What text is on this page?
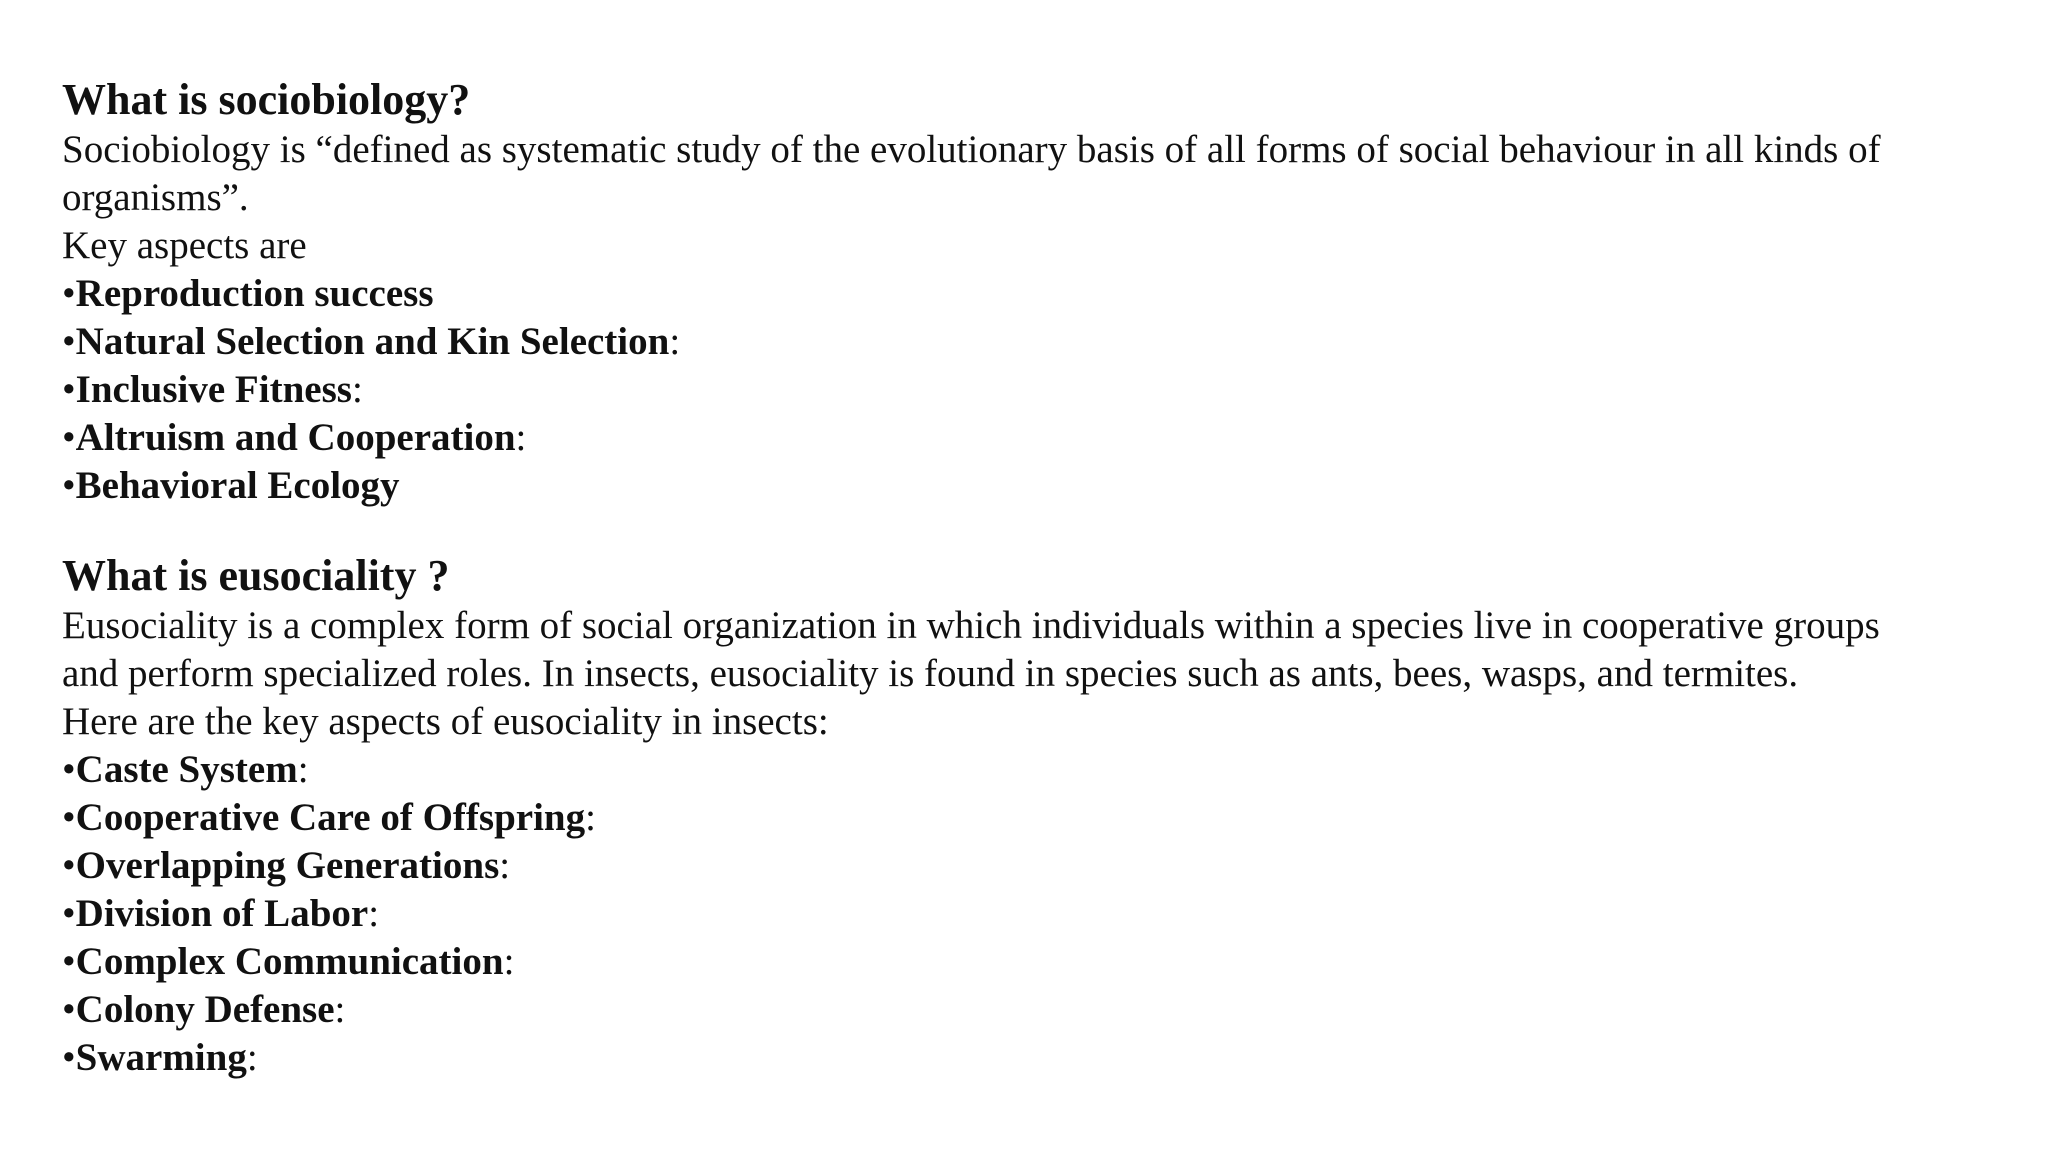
What is sociobiology?

Sociobiology is “defined as systematic study of the evolutionary basis of all forms of social behaviour in all kinds of

organisms”.

Key aspects are

•Reproduction success
•Natural Selection and Kin Selection:
•Inclusive Fitness:
•Altruism and Cooperation:
•Behavioral Ecology
What is eusociality ?

Eusociality is a complex form of social organization in which individuals within a species live in cooperative groups

and perform specialized roles. In insects, eusociality is found in species such as ants, bees, wasps, and termites.

Here are the key aspects of eusociality in insects:

•Caste System:
•Cooperative Care of Offspring:
•Overlapping Generations:
•Division of Labor:
•Complex Communication:
•Colony Defense:
•Swarming:
